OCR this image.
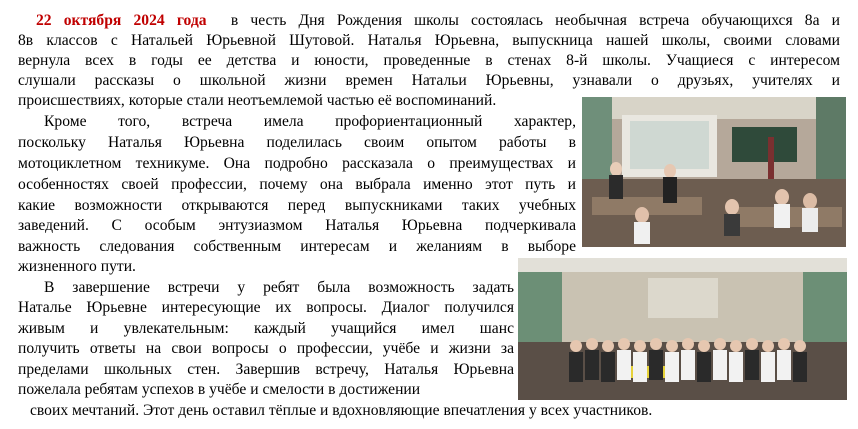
22 октября 2024 года в честь Дня Рождения школы состоялась необычная встреча обучающихся 8а и
8в классов с Натальей Юрьевной Шутовой. Наталья Юрьевна, выпускница нашей школы, своими словами
вернула всех в годы ее детства и юности, проведенные в стенах 8-й школы. Учащиеся с интересом
слушали рассказы о школьной жизни времен Натальи Юрьевны, узнавали о друзьях, учителях и
происшествиях, которые стали неотъемлемой частью её воспоминаний.
Кроме того, встреча имела профориентационный характер,
поскольку Наталья Юрьевна поделилась своим опытом работы в
мотоциклетном техникуме. Она подробно рассказала о преимуществах и
особенностях своей профессии, почему она выбрала именно этот путь и
какие возможности открываются перед выпускниками таких учебных
заведений. С особым энтузиазмом Наталья Юрьевна подчеркивала
важность следования собственным интересам и желаниям в выборе
жизненного пути.
В завершение встречи у ребят была возможность задать
Наталье Юрьевне интересующие их вопросы. Диалог получился
живым и увлекательным: каждый учащийся имел шанс
получить ответы на свои вопросы о профессии, учёбе и жизни за
пределами школьных стен. Завершив встречу, Наталья Юрьевна
пожелала ребятам успехов в учёбе и смелости в достижении
своих мечтаний. Этот день оставил тёплые и вдохновляющие впечатления у всех участников.
